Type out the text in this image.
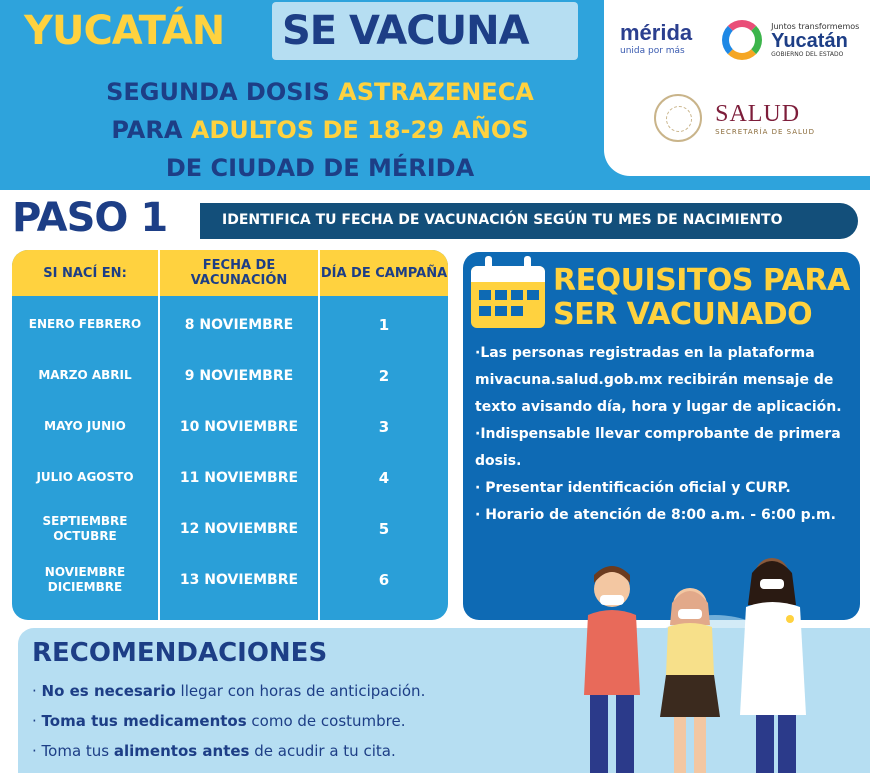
YUCATÁN SE VACUNA
SEGUNDA DOSIS ASTRAZENECA
PARA ADULTOS DE 18-29 AÑOS
DE CIUDAD DE MÉRIDA
mérida
unida por más

Juntos transformemos
Yucatán
GOBIERNO DEL ESTADO

SALUD
SECRETARÍA DE SALUD
PASO 1	IDENTIFICA TU FECHA DE VACUNACIÓN SEGÚN TU MES DE NACIMIENTO
SI NACÍ EN:	FECHA DE VACUNACIÓN	DÍA DE CAMPAÑA
ENERO FEBRERO	8 NOVIEMBRE	1
MARZO ABRIL	9 NOVIEMBRE	2
MAYO JUNIO	10 NOVIEMBRE	3
JULIO AGOSTO	11 NOVIEMBRE	4
SEPTIEMBRE OCTUBRE	12 NOVIEMBRE	5
NOVIEMBRE DICIEMBRE	13 NOVIEMBRE	6
REQUISITOS PARA SER VACUNADO
·Las personas registradas en la plataforma mivacuna.salud.gob.mx recibirán mensaje de texto avisando día, hora y lugar de aplicación.
·Indispensable llevar comprobante de primera dosis.
· Presentar identificación oficial y CURP.
· Horario de atención de 8:00 a.m. - 6:00 p.m.
RECOMENDACIONES
· No es necesario llegar con horas de anticipación.
· Toma tus medicamentos como de costumbre.
· Toma tus alimentos antes de acudir a tu cita.
